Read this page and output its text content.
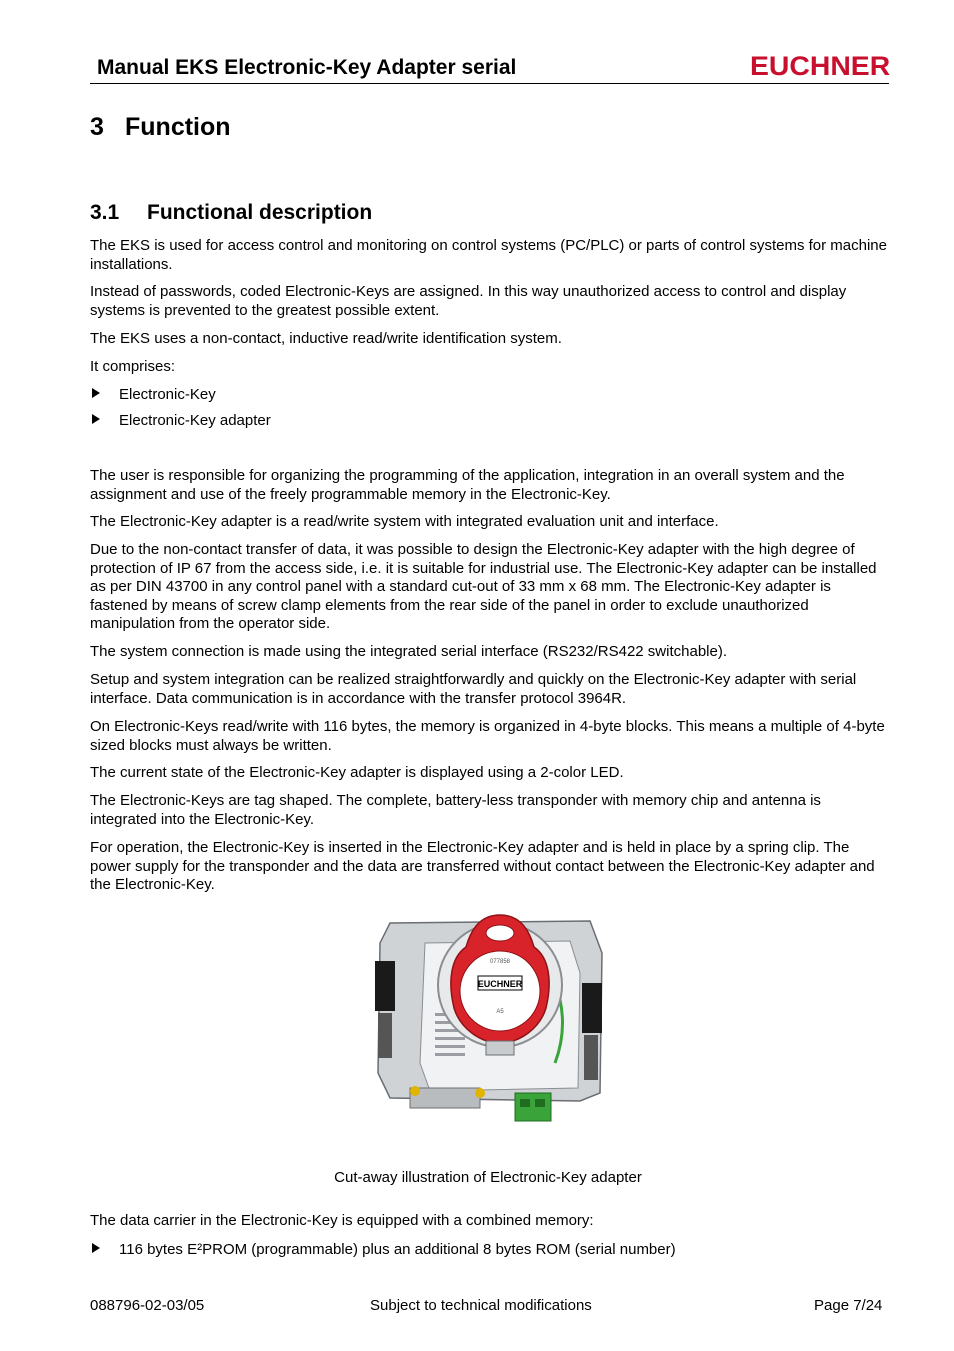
Manual EKS Electronic-Key Adapter serial	EUCHNER
3 Function
3.1 Functional description
The EKS is used for access control and monitoring on control systems (PC/PLC) or parts of control systems for machine installations.
Instead of passwords, coded Electronic-Keys are assigned. In this way unauthorized access to control and display systems is prevented to the greatest possible extent.
The EKS uses a non-contact, inductive read/write identification system.
It comprises:
Electronic-Key
Electronic-Key adapter
The user is responsible for organizing the programming of the application, integration in an overall system and the assignment and use of the freely programmable memory in the Electronic-Key.
The Electronic-Key adapter is a read/write system with integrated evaluation unit and interface.
Due to the non-contact transfer of data, it was possible to design the Electronic-Key adapter with the high degree of protection of IP 67 from the access side, i.e. it is suitable for industrial use. The Electronic-Key adapter can be installed as per DIN 43700 in any control panel with a standard cut-out of 33 mm x 68 mm. The Electronic-Key adapter is fastened by means of screw clamp elements from the rear side of the panel in order to exclude unauthorized manipulation from the operator side.
The system connection is made using the integrated serial interface (RS232/RS422 switchable).
Setup and system integration can be realized straightforwardly and quickly on the Electronic-Key adapter with serial interface. Data communication is in accordance with the transfer protocol 3964R.
On Electronic-Keys read/write with 116 bytes, the memory is organized in 4-byte blocks. This means a multiple of 4-byte sized blocks must always be written.
The current state of the Electronic-Key adapter is displayed using a 2-color LED.
The Electronic-Keys are tag shaped. The complete, battery-less transponder with memory chip and antenna is integrated into the Electronic-Key.
For operation, the Electronic-Key is inserted in the Electronic-Key adapter and is held in place by a spring clip. The power supply for the transponder and the data are transferred without contact between the Electronic-Key adapter and the Electronic-Key.
EUCHNER
077858
A5
Cut-away illustration of Electronic-Key adapter
The data carrier in the Electronic-Key is equipped with a combined memory:
116 bytes E²PROM (programmable) plus an additional 8 bytes ROM (serial number)
088796-02-03/05	Subject to technical modifications	Page 7/24
